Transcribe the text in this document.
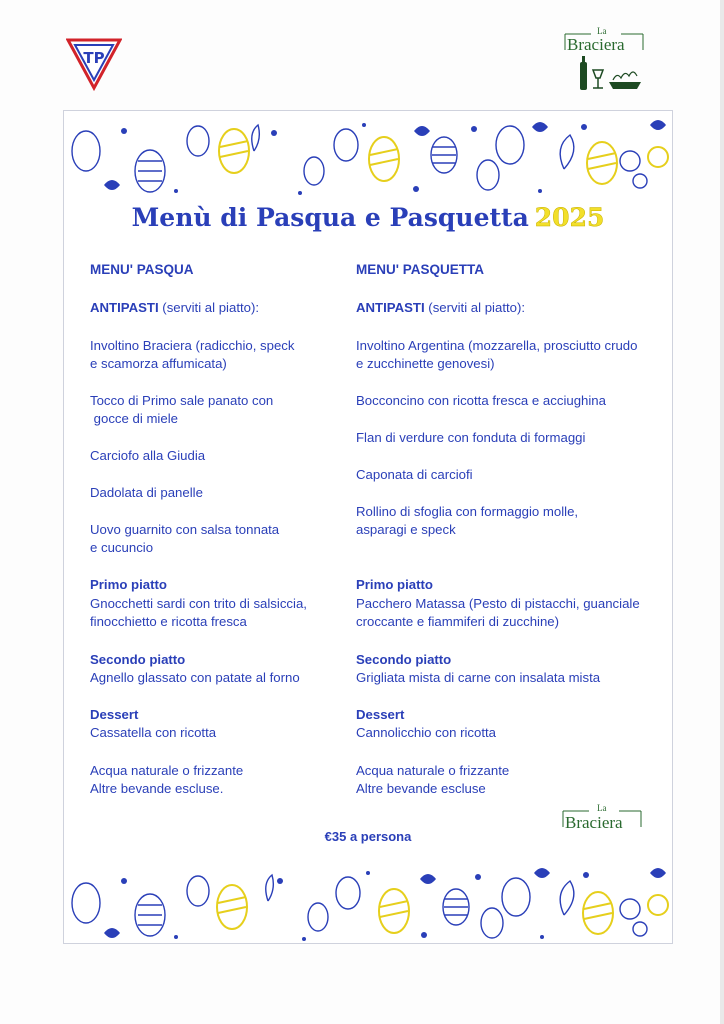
TP
La
Braciera
Menù di Pasqua e Pasquetta 2025
MENU' PASQUA
ANTIPASTI (serviti al piatto):
Involtino Braciera (radicchio, speck
e scamorza affumicata)
Tocco di Primo sale panato con
gocce di miele
Carciofo alla Giudia
Dadolata di panelle
Uovo guarnito con salsa tonnata
e cucuncio
Primo piatto
Gnocchetti sardi con trito di salsiccia,
finocchietto e ricotta fresca
Secondo piatto
Agnello glassato con patate al forno
Dessert
Cassatella con ricotta
Acqua naturale o frizzante
Altre bevande escluse.
MENU' PASQUETTA
ANTIPASTI (serviti al piatto):
Involtino Argentina (mozzarella, prosciutto crudo
e zucchinette genovesi)
Bocconcino con ricotta fresca e acciughina
Flan di verdure con fonduta di formaggi
Caponata di carciofi
Rollino di sfoglia con formaggio molle,
asparagi e speck
Primo piatto
Pacchero Matassa (Pesto di pistacchi, guanciale
croccante e fiammiferi di zucchine)
Secondo piatto
Grigliata mista di carne con insalata mista
Dessert
Cannolicchio con ricotta
Acqua naturale o frizzante
Altre bevande escluse
€35 a persona
La
Braciera
